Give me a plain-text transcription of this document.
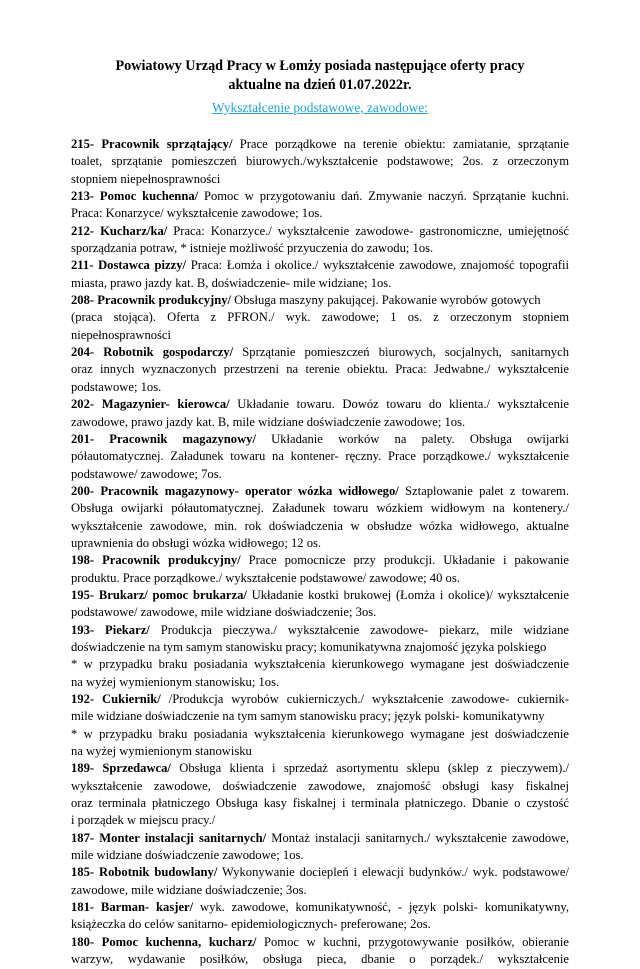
Powiatowy Urząd Pracy w Łomży posiada następujące oferty pracy
aktualne na dzień 01.07.2022r.
Wykształcenie podstawowe, zawodowe:
215- Pracownik sprzątający/ Prace porządkowe na terenie obiektu: zamiatanie, sprzątanie
toalet, sprzątanie pomieszczeń biurowych./wykształcenie podstawowe; 2os. z orzeczonym
stopniem niepełnosprawności
213- Pomoc kuchenna/ Pomoc w przygotowaniu dań. Zmywanie naczyń. Sprzątanie kuchni.
Praca: Konarzyce/ wykształcenie zawodowe; 1os.
212- Kucharz/ka/ Praca: Konarzyce./ wykształcenie zawodowe- gastronomiczne, umiejętność
sporządzania potraw, * istnieje możliwość przyuczenia do zawodu; 1os.
211- Dostawca pizzy/ Praca: Łomża i okolice./ wykształcenie zawodowe, znajomość topografii
miasta, prawo jazdy kat. B, doświadczenie- mile widziane; 1os.
208- Pracownik produkcyjny/ Obsługa maszyny pakującej. Pakowanie wyrobów gotowych
(praca stojąca). Oferta z PFRON./ wyk. zawodowe; 1 os. z orzeczonym stopniem
niepełnosprawności
204- Robotnik gospodarczy/ Sprzątanie pomieszczeń biurowych, socjalnych, sanitarnych
oraz innych wyznaczonych przestrzeni na terenie obiektu. Praca: Jedwabne./ wykształcenie
podstawowe; 1os.
202- Magazynier- kierowca/ Układanie towaru. Dowóz towaru do klienta./ wykształcenie
zawodowe, prawo jazdy kat. B, mile widziane doświadczenie zawodowe; 1os.
201- Pracownik magazynowy/ Układanie worków na palety. Obsługa owijarki
półautomatycznej. Załadunek towaru na kontener- ręczny. Prace porządkowe./ wykształcenie
podstawowe/ zawodowe; 7os.
200- Pracownik magazynowy- operator wózka widłowego/ Sztaplowanie palet z towarem.
Obsługa owijarki półautomatycznej. Załadunek towaru wózkiem widłowym na kontenery./
wykształcenie zawodowe, min. rok doświadczenia w obsłudze wózka widłowego, aktualne
uprawnienia do obsługi wózka widłowego; 12 os.
198- Pracownik produkcyjny/ Prace pomocnicze przy produkcji. Układanie i pakowanie
produktu. Prace porządkowe./ wykształcenie podstawowe/ zawodowe; 40 os.
195- Brukarz/ pomoc brukarza/ Układanie kostki brukowej (Łomża i okolice)/ wykształcenie
podstawowe/ zawodowe, mile widziane doświadczenie; 3os.
193- Piekarz/ Produkcja pieczywa./ wykształcenie zawodowe- piekarz, mile widziane
doświadczenie na tym samym stanowisku pracy; komunikatywna znajomość języka polskiego
* w przypadku braku posiadania wykształcenia kierunkowego wymagane jest doświadczenie
na wyżej wymienionym stanowisku; 1os.
192- Cukiernik/ /Produkcja wyrobów cukierniczych./ wykształcenie zawodowe- cukiernik-
mile widziane doświadczenie na tym samym stanowisku pracy; język polski- komunikatywny
* w przypadku braku posiadania wykształcenia kierunkowego wymagane jest doświadczenie
na wyżej wymienionym stanowisku
189- Sprzedawca/ Obsługa klienta i sprzedaż asortymentu sklepu (sklep z pieczywem)./
wykształcenie zawodowe, doświadczenie zawodowe, znajomość obsługi kasy fiskalnej
oraz terminala płatniczego Obsługa kasy fiskalnej i terminala płatniczego. Dbanie o czystość
i porządek w miejscu pracy./
187- Monter instalacji sanitarnych/ Montaż instalacji sanitarnych./ wykształcenie zawodowe,
mile widziane doświadczenie zawodowe; 1os.
185- Robotnik budowlany/ Wykonywanie dociepleń i elewacji budynków./ wyk. podstawowe/
zawodowe, mile widziane doświadczenie; 3os.
181- Barman- kasjer/ wyk. zawodowe, komunikatywność, - język polski- komunikatywny,
książeczka do celów sanitarno- epidemiologicznych- preferowane; 2os.
180- Pomoc kuchenna, kucharz/ Pomoc w kuchni, przygotowywanie posiłków, obieranie
warzyw, wydawanie posiłków, obsługa pieca, dbanie o porządek./ wykształcenie
